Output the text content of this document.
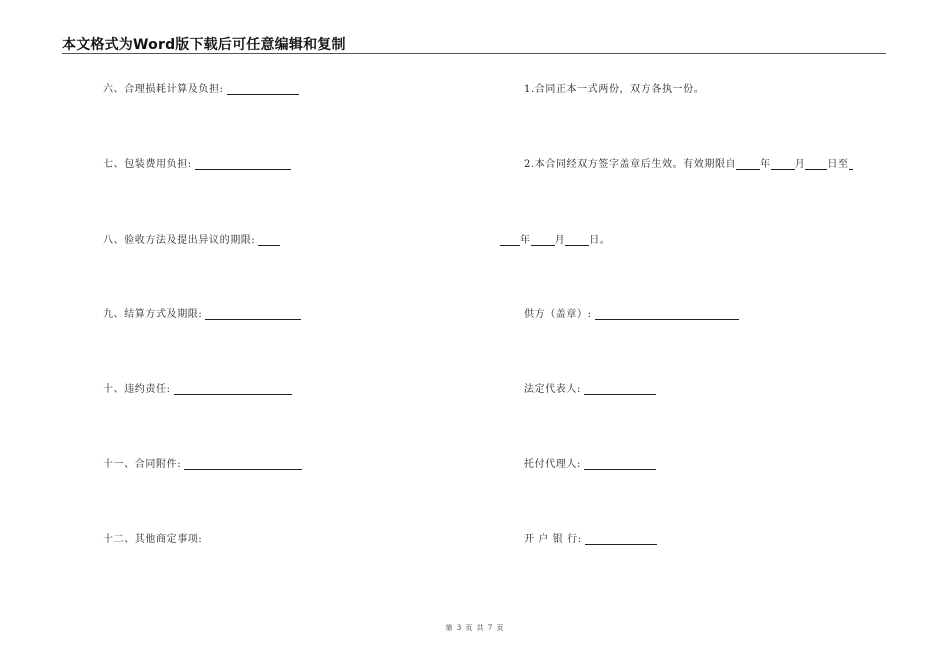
本文格式为Word版下载后可任意编辑和复制
六、合理损耗计算及负担:
七、包装费用负担:
八、验收方法及提出异议的期限:
九、结算方式及期限:
十、违约责任:
十一、合同附件:
十二、其他商定事项:
1.合同正本一式两份，双方各执一份。
2.本合同经双方签字盖章后生效。有效期限自 年 月 日至
年 月 日。
供方（盖章）:
法定代表人:
托付代理人:
开 户 银 行:
第 3 页 共 7 页
